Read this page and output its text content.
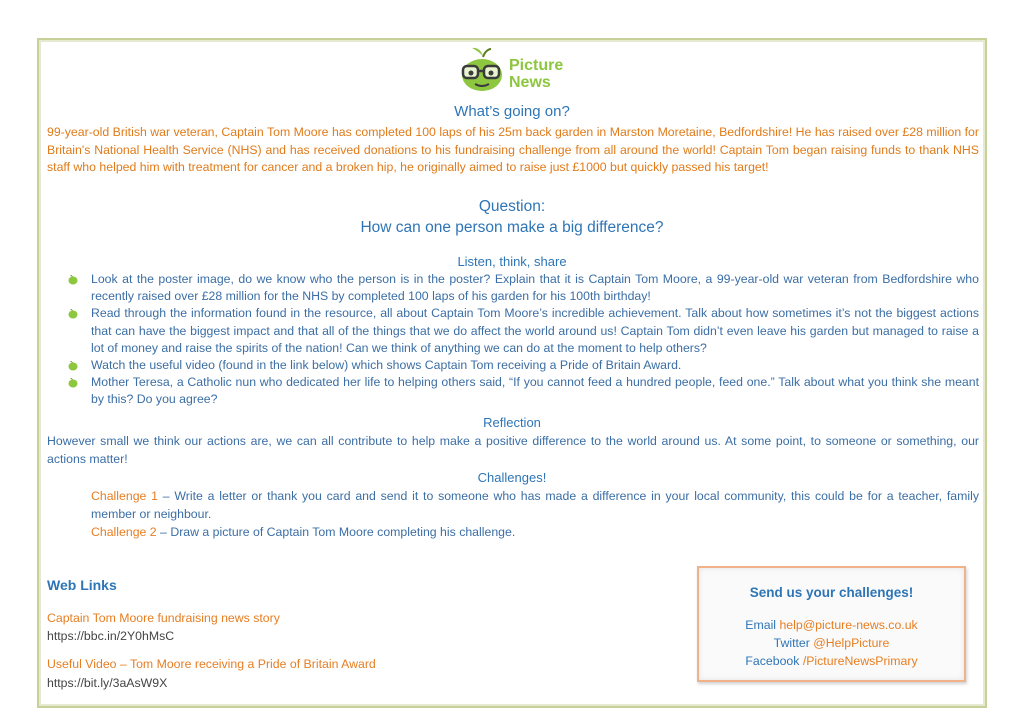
Picture
News

What’s going on?

99-year-old British war veteran, Captain Tom Moore has completed 100 laps of his 25m back garden in Marston Moretaine, Bedfordshire! He has raised over £28 million for Britain's National Health Service (NHS) and has received donations to his fundraising challenge from all around the world! Captain Tom began raising funds to thank NHS staff who helped him with treatment for cancer and a broken hip, he originally aimed to raise just £1000 but quickly passed his target!

Question:

How can one person make a big difference?

Listen, think, share

Look at the poster image, do we know who the person is in the poster? Explain that it is Captain Tom Moore, a 99-year-old war veteran from Bedfordshire who recently raised over £28 million for the NHS by completed 100 laps of his garden for his 100th birthday!
Read through the information found in the resource, all about Captain Tom Moore’s incredible achievement. Talk about how sometimes it’s not the biggest actions that can have the biggest impact and that all of the things that we do affect the world around us! Captain Tom didn’t even leave his garden but managed to raise a lot of money and raise the spirits of the nation! Can we think of anything we can do at the moment to help others?
Watch the useful video (found in the link below) which shows Captain Tom receiving a Pride of Britain Award.
Mother Teresa, a Catholic nun who dedicated her life to helping others said, “If you cannot feed a hundred people, feed one.” Talk about what you think she meant by this? Do you agree?

Reflection

However small we think our actions are, we can all contribute to help make a positive difference to the world around us. At some point, to someone or something, our actions matter!

Challenges!

Challenge 1 – Write a letter or thank you card and send it to someone who has made a difference in your local community, this could be for a teacher, family member or neighbour.

Challenge 2 – Draw a picture of Captain Tom Moore completing his challenge.

Web Links

Captain Tom Moore fundraising news story

https://bbc.in/2Y0hMsC

Useful Video – Tom Moore receiving a Pride of Britain Award

https://bit.ly/3aAsW9X

Send us your challenges!

Email help@picture-news.co.uk

Twitter @HelpPicture

Facebook /PictureNewsPrimary
